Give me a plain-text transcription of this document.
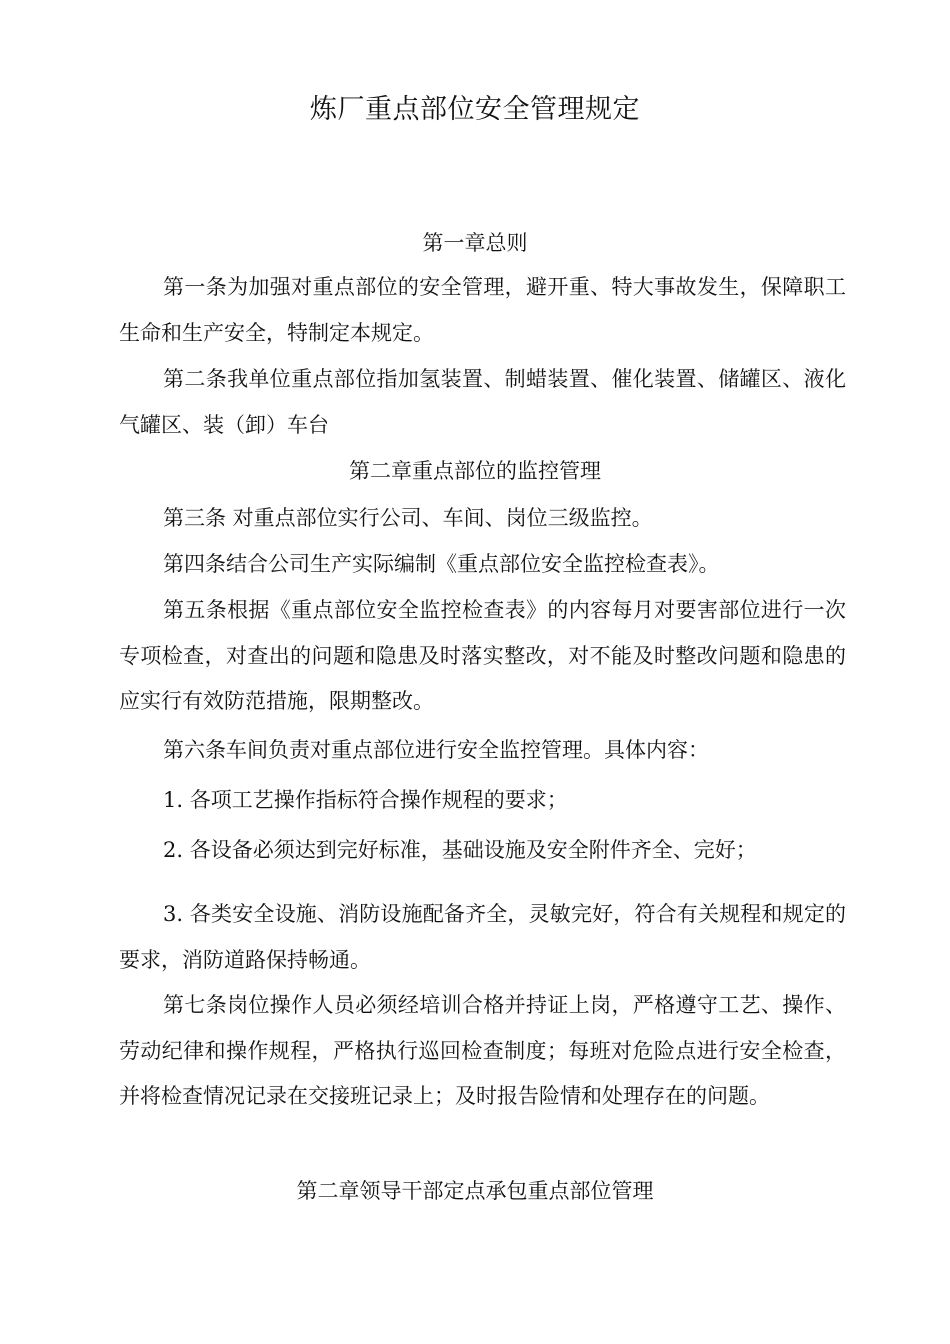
炼厂重点部位安全管理规定
第一章总则

第一条为加强对重点部位的安全管理，避开重、特大事故发生，保障职工生命和生产安全，特制定本规定。

第二条我单位重点部位指加氢装置、制蜡装置、催化装置、储罐区、液化气罐区、装（卸）车台

第二章重点部位的监控管理

第三条 对重点部位实行公司、车间、岗位三级监控。

第四条结合公司生产实际编制《重点部位安全监控检查表》。

第五条根据《重点部位安全监控检查表》的内容每月对要害部位进行一次专项检查，对查出的问题和隐患及时落实整改，对不能及时整改问题和隐患的应实行有效防范措施，限期整改。

第六条车间负责对重点部位进行安全监控管理。具体内容：

1. 各项工艺操作指标符合操作规程的要求；

2. 各设备必须达到完好标准，基础设施及安全附件齐全、完好；

3. 各类安全设施、消防设施配备齐全，灵敏完好，符合有关规程和规定的要求，消防道路保持畅通。

第七条岗位操作人员必须经培训合格并持证上岗，严格遵守工艺、操作、劳动纪律和操作规程，严格执行巡回检查制度；每班对危险点进行安全检查，并将检查情况记录在交接班记录上；及时报告险情和处理存在的问题。

第二章领导干部定点承包重点部位管理
